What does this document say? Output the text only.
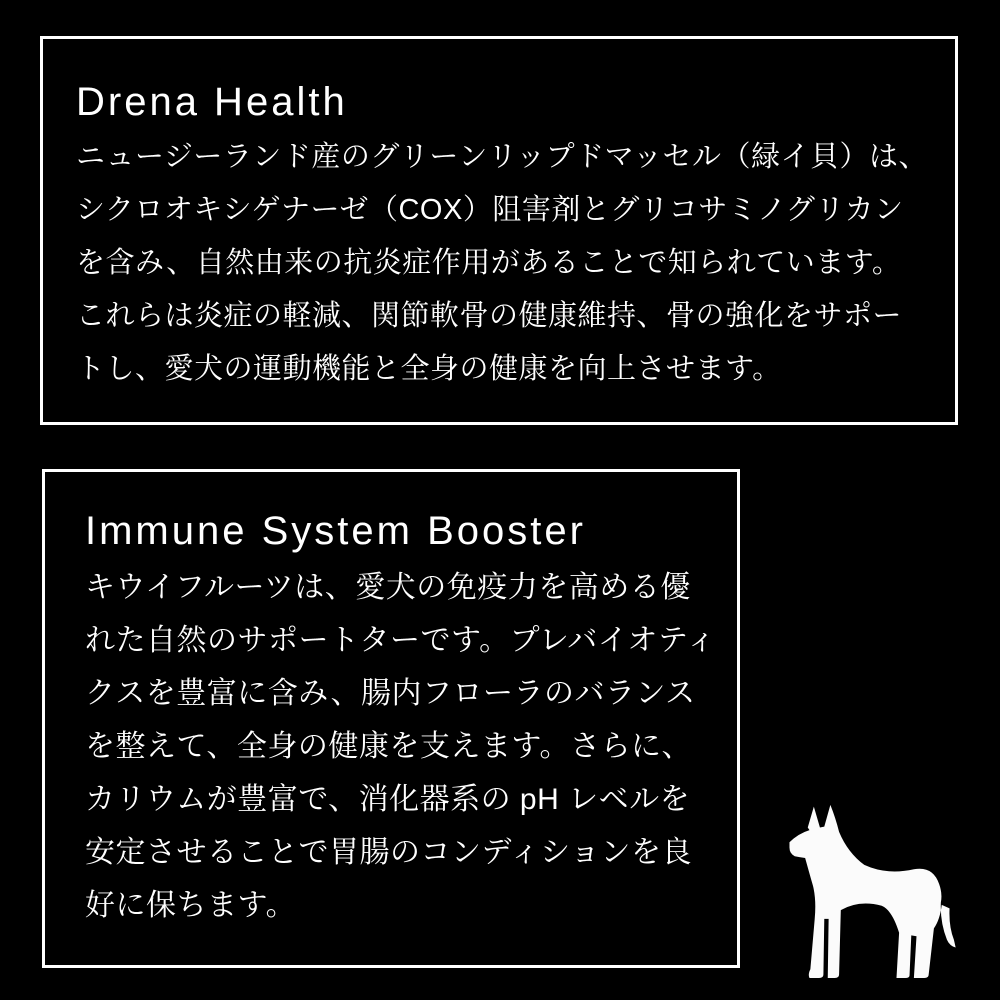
Drena Health

ニュージーランド産のグリーンリップドマッセル（緑イ貝）は、

シクロオキシゲナーゼ（COX）阻害剤とグリコサミノグリカン

を含み、自然由来の抗炎症作用があることで知られています。

これらは炎症の軽減、関節軟骨の健康維持、骨の強化をサポー

トし、愛犬の運動機能と全身の健康を向上させます。

Immune System Booster

キウイフルーツは、愛犬の免疫力を高める優

れた自然のサポートターです。プレバイオティ

クスを豊富に含み、腸内フローラのバランス

を整えて、全身の健康を支えます。さらに、

カリウムが豊富で、消化器系の pH レベルを

安定させることで胃腸のコンディションを良

好に保ちます。
